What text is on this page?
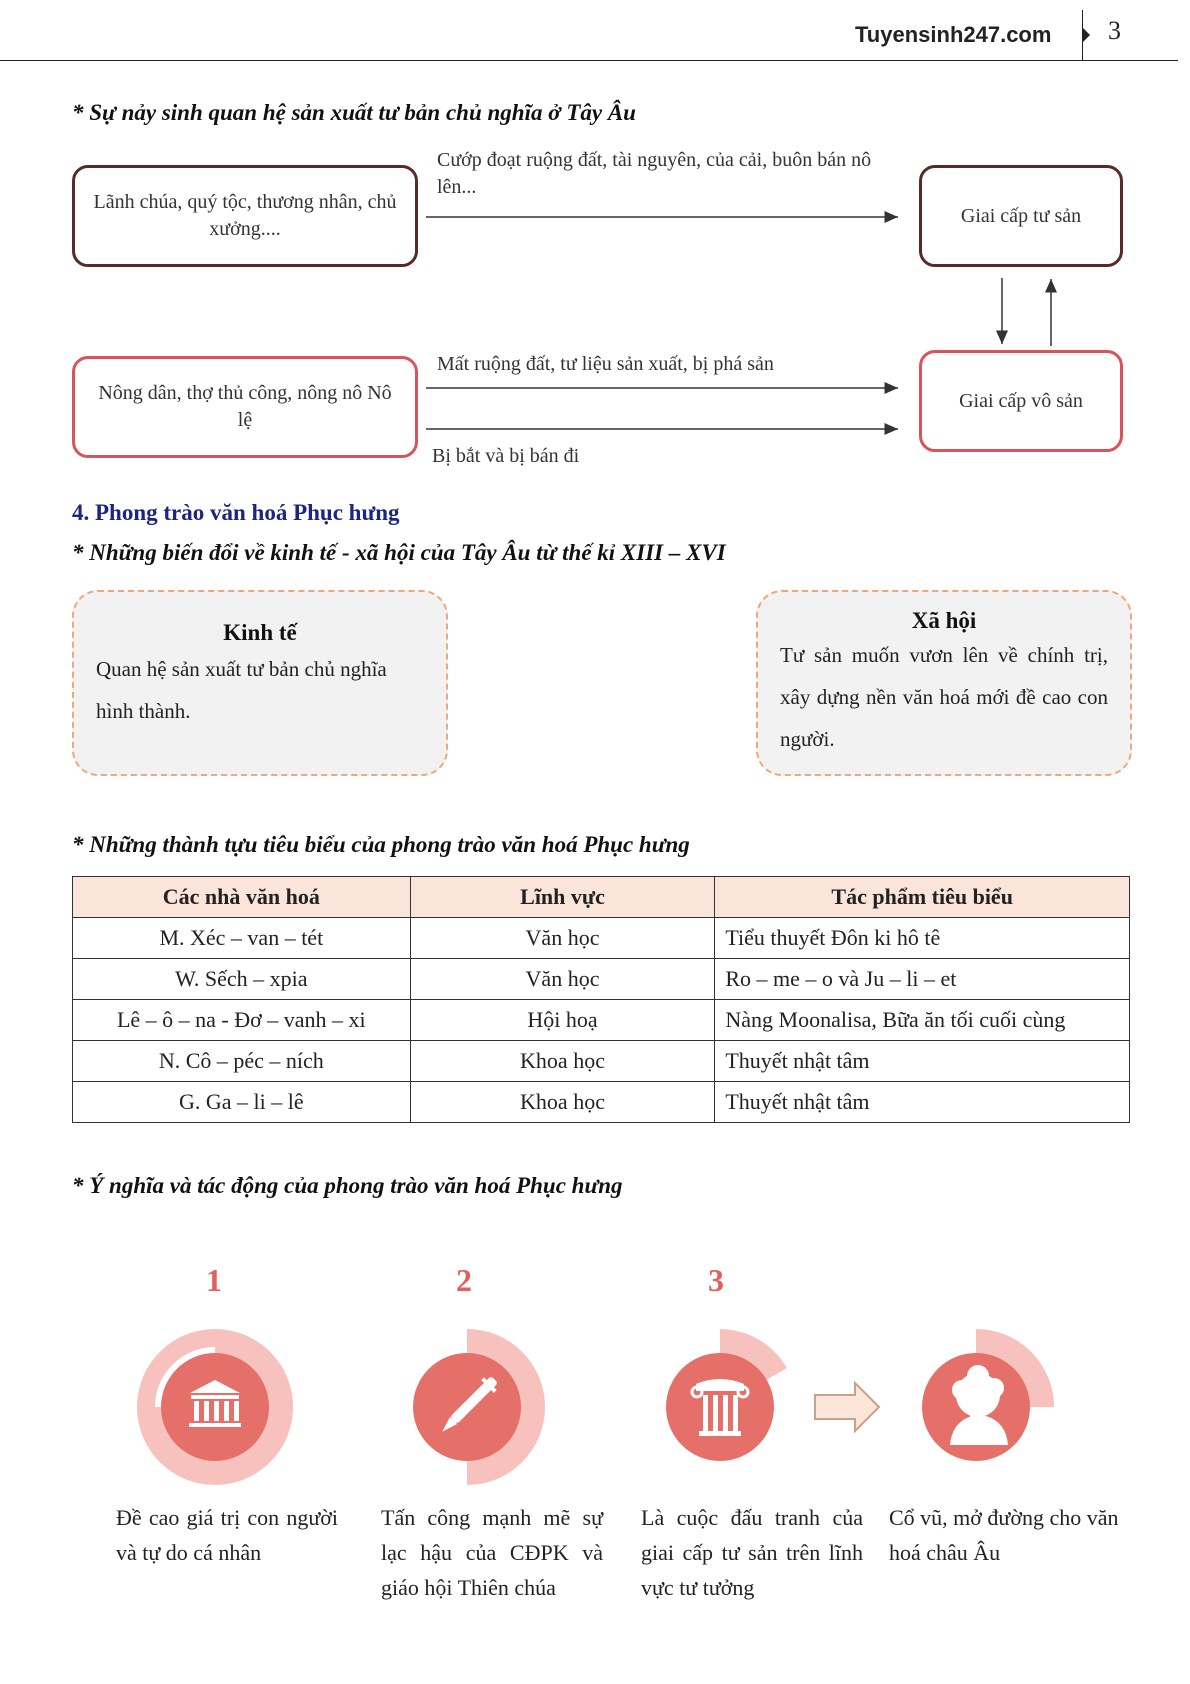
Tuyensinh247.com 3
* Sự nảy sinh quan hệ sản xuất tư bản chủ nghĩa ở Tây Âu
Lãnh chúa, quý tộc, thương nhân, chủ xưởng....
Giai cấp tư sản
Nông dân, thợ thủ công, nông nô Nô lệ
Giai cấp vô sản
Cướp đoạt ruộng đất, tài nguyên, của cải, buôn bán nô lên...
Mất ruộng đất, tư liệu sản xuất, bị phá sản
Bị bắt và bị bán đi
4. Phong trào văn hoá Phục hưng
* Những biến đổi về kinh tế - xã hội của Tây Âu từ thế kỉ XIII – XVI
Kinh tế
Quan hệ sản xuất tư bản chủ nghĩa hình thành.
Xã hội
Tư sản muốn vươn lên về chính trị, xây dựng nền văn hoá mới đề cao con người.
* Những thành tựu tiêu biểu của phong trào văn hoá Phục hưng
Các nhà văn hoá	Lĩnh vực	Tác phẩm tiêu biểu
M. Xéc – van – tét	Văn học	Tiểu thuyết Đôn ki hô tê
W. Sếch – xpia	Văn học	Ro – me – o và Ju – li – et
Lê – ô – na - Đơ – vanh – xi	Hội hoạ	Nàng Moonalisa, Bữa ăn tối cuối cùng
N. Cô – péc – ních	Khoa học	Thuyết nhật tâm
G. Ga – li – lê	Khoa học	Thuyết nhật tâm
* Ý nghĩa và tác động của phong trào văn hoá Phục hưng
1	2	3
Đề cao giá trị con người và tự do cá nhân
Tấn công mạnh mẽ sự lạc hậu của CĐPK và giáo hội Thiên chúa
Là cuộc đấu tranh của giai cấp tư sản trên lĩnh vực tư tưởng
Cổ vũ, mở đường cho văn hoá châu Âu
